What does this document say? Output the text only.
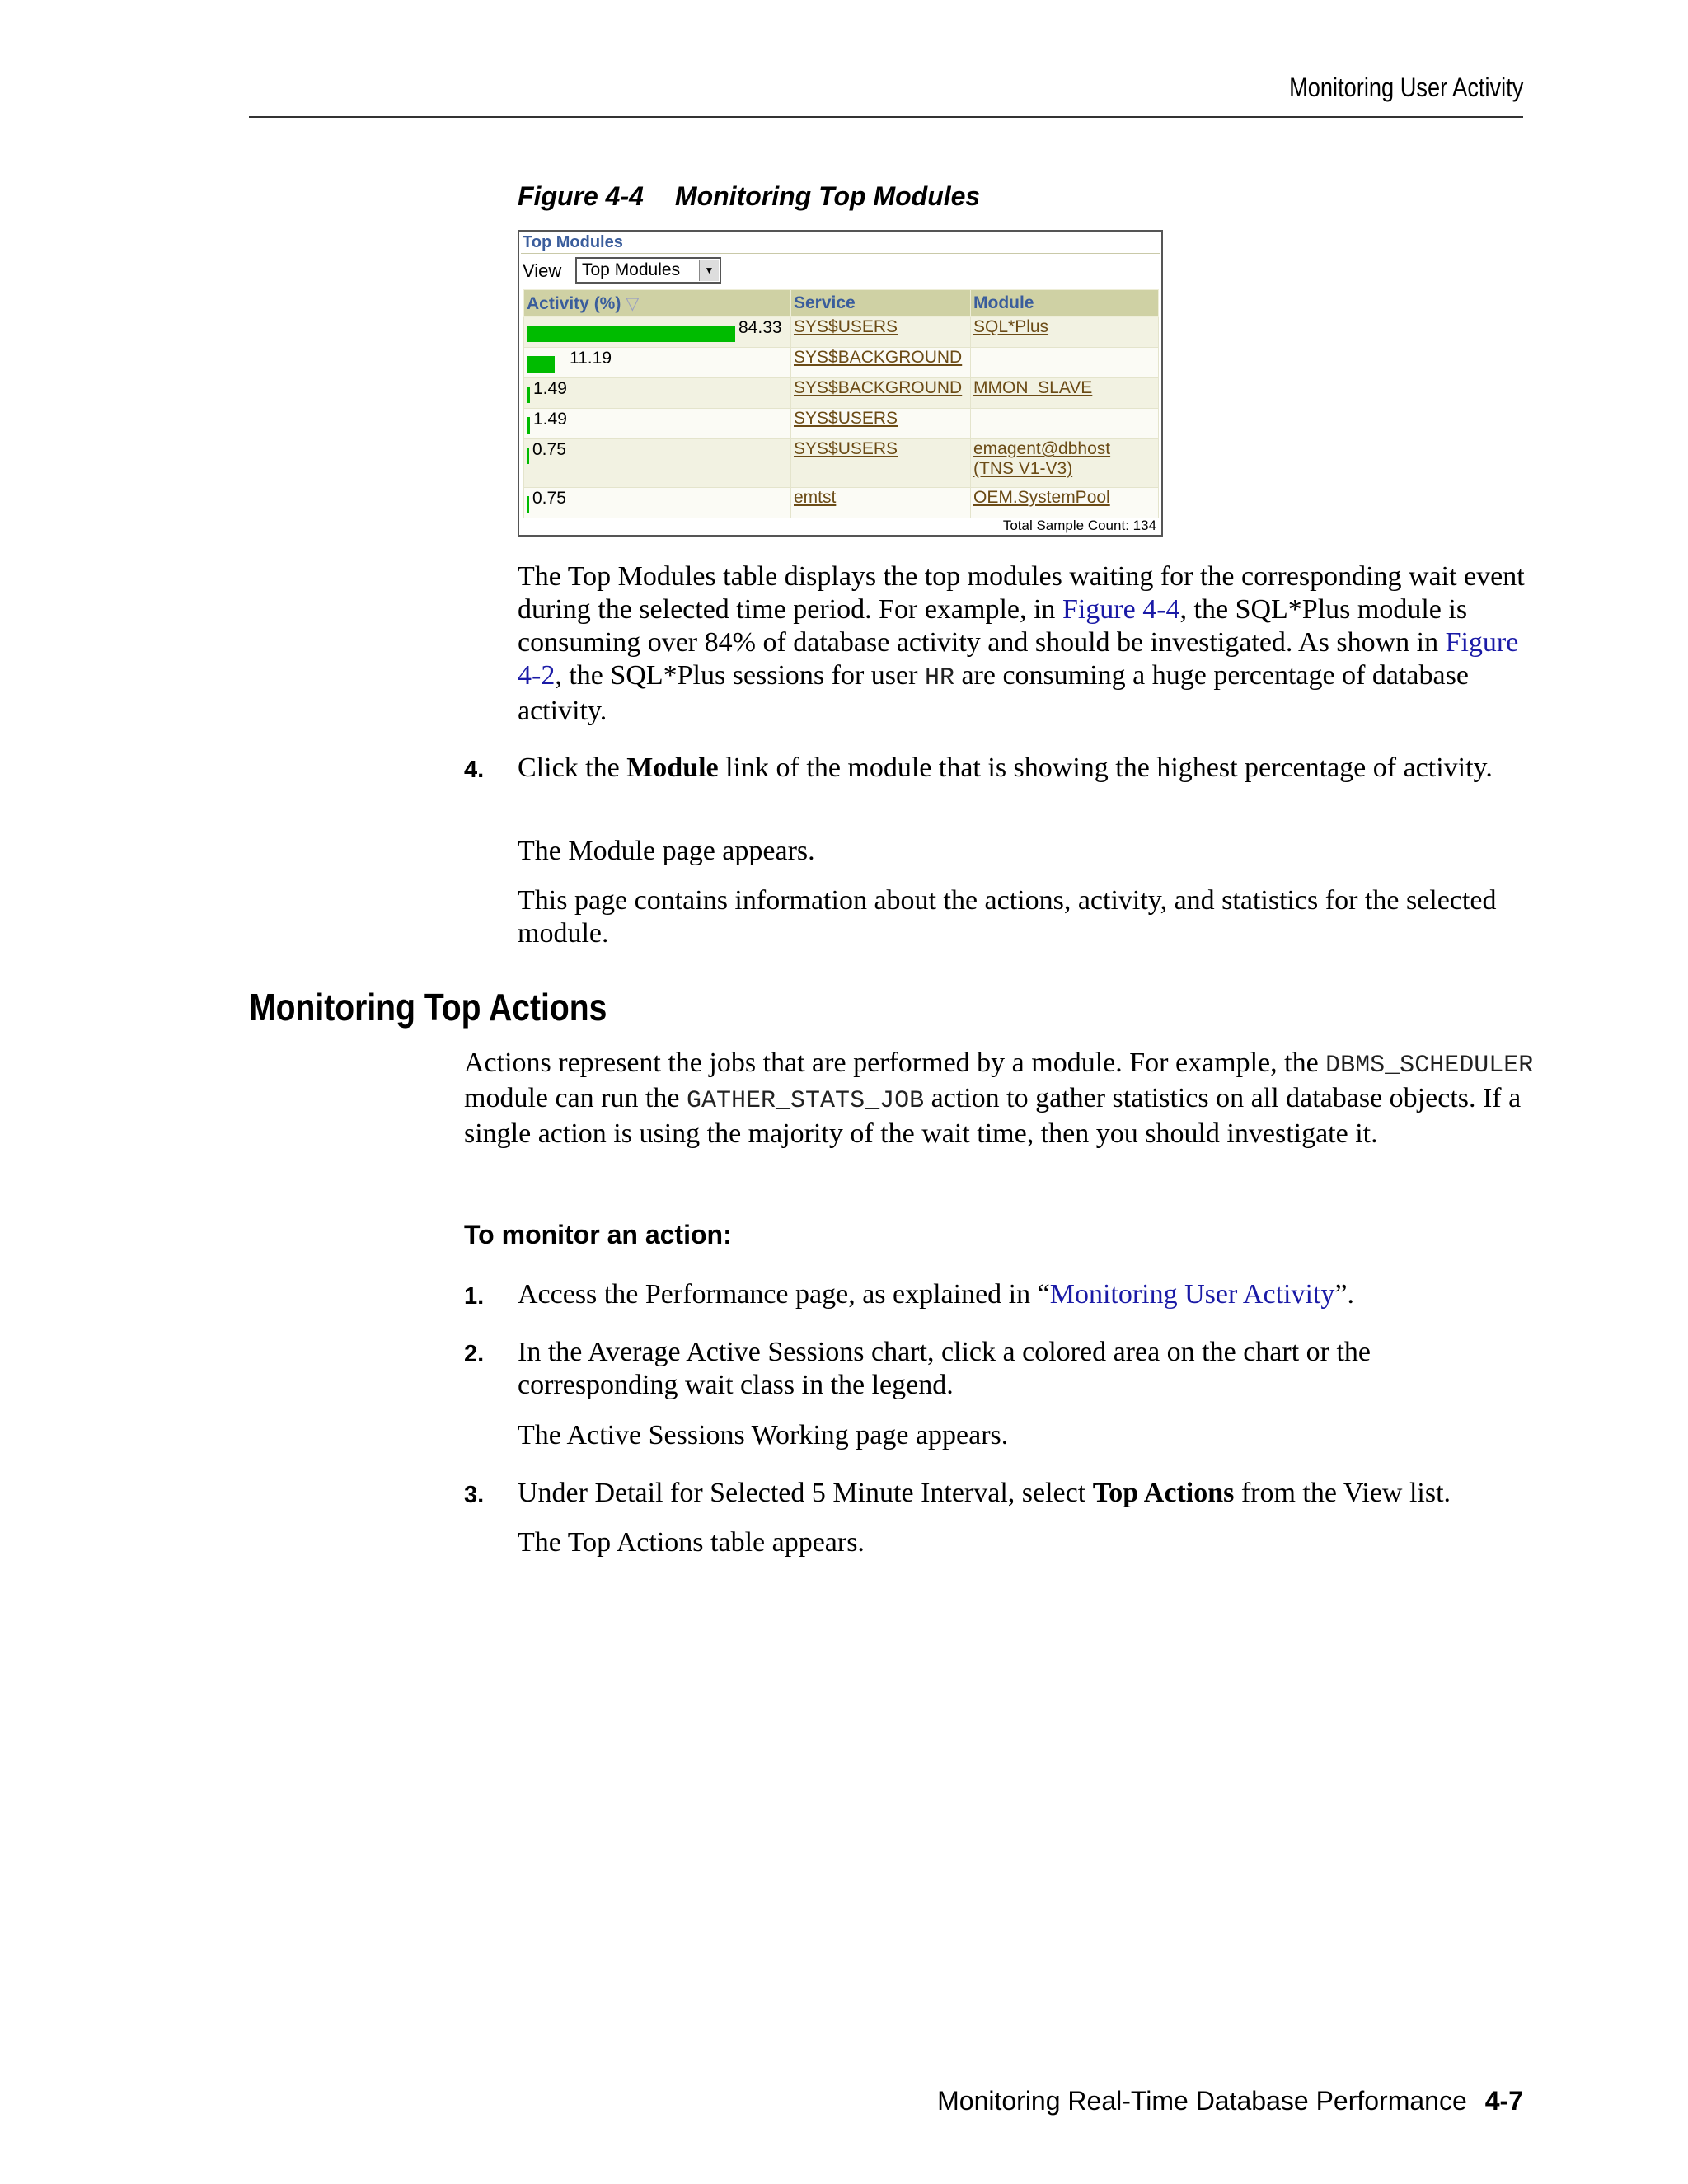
Monitoring User Activity
Figure 4-4 Monitoring Top Modules
Top Modules
View Top Modules	▼
Activity (%) ▽	Service	Module

84.33	SYS$USERS	SQL*Plus

11.19	SYS$BACKGROUND	

1.49	SYS$BACKGROUND	MMON_SLAVE

1.49	SYS$USERS	

0.75	SYS$USERS	emagent@dbhost
(TNS V1-V3)

0.75	emtst	OEM.SystemPool
Total Sample Count: 134
The Top Modules table displays the top modules waiting for the corresponding wait event during the selected time period. For example, in Figure 4-4, the SQL*Plus module is consuming over 84% of database activity and should be investigated. As shown in Figure 4-2, the SQL*Plus sessions for user HR are consuming a huge percentage of database activity.
4. Click the Module link of the module that is showing the highest percentage of activity.
The Module page appears.
This page contains information about the actions, activity, and statistics for the selected module.
Monitoring Top Actions
Actions represent the jobs that are performed by a module. For example, the DBMS_SCHEDULER module can run the GATHER_STATS_JOB action to gather statistics on all database objects. If a single action is using the majority of the wait time, then you should investigate it.
To monitor an action:
1. Access the Performance page, as explained in “Monitoring User Activity”.
2. In the Average Active Sessions chart, click a colored area on the chart or the corresponding wait class in the legend.
The Active Sessions Working page appears.
3. Under Detail for Selected 5 Minute Interval, select Top Actions from the View list.
The Top Actions table appears.
Monitoring Real-Time Database Performance 4-7
